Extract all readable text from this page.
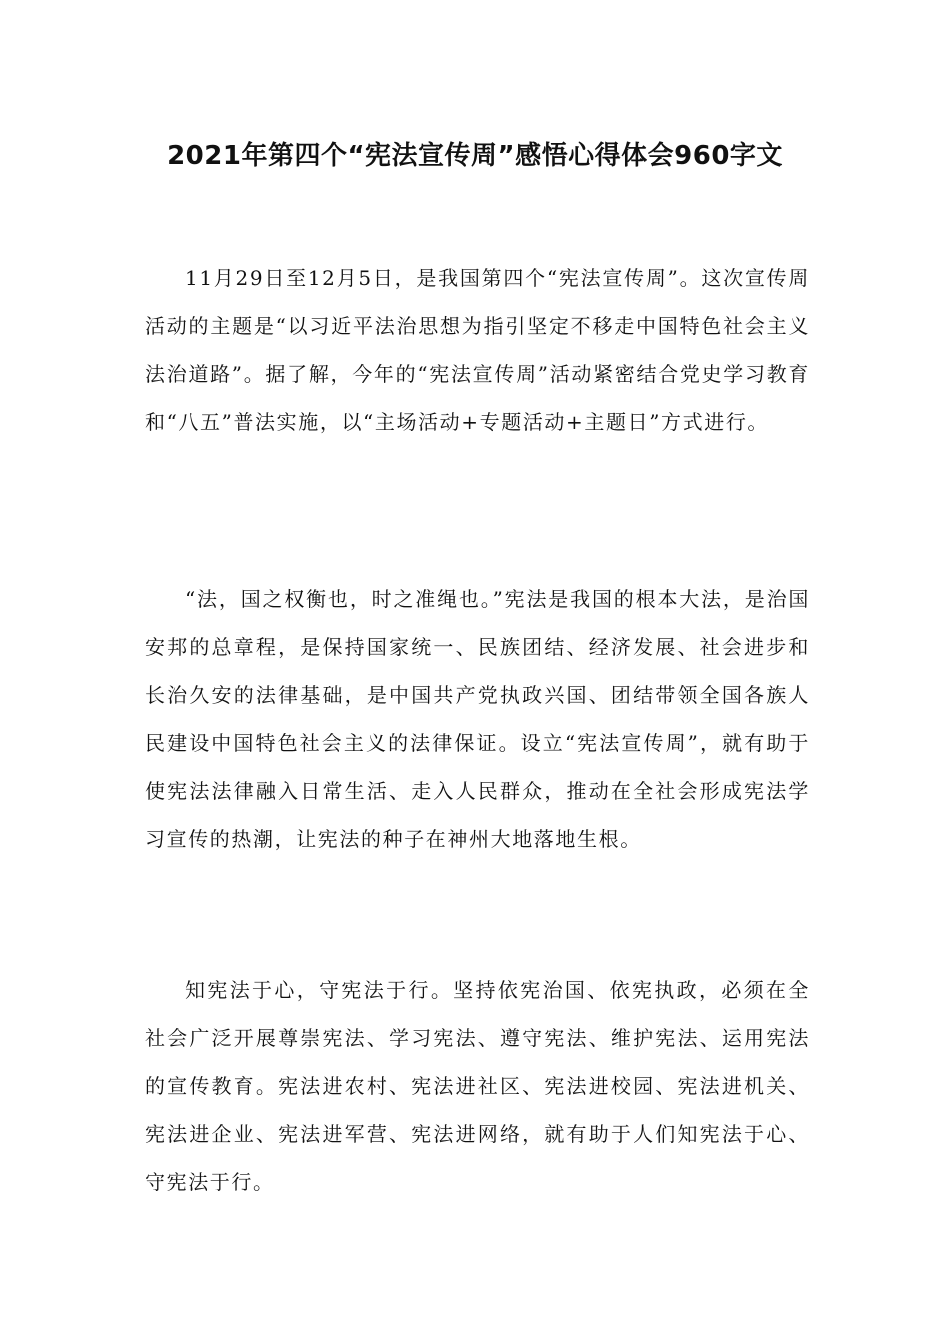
2021年第四个“宪法宣传周”感悟心得体会960字文

11月29日至12月5日，是我国第四个“宪法宣传周”。这次宣传周活动的主题是“以习近平法治思想为指引坚定不移走中国特色社会主义法治道路”。据了解，今年的“宪法宣传周”活动紧密结合党史学习教育和“八五”普法实施，以“主场活动+专题活动+主题日”方式进行。

“法，国之权衡也，时之准绳也。”宪法是我国的根本大法，是治国安邦的总章程，是保持国家统一、民族团结、经济发展、社会进步和长治久安的法律基础，是中国共产党执政兴国、团结带领全国各族人民建设中国特色社会主义的法律保证。设立“宪法宣传周”，就有助于使宪法法律融入日常生活、走入人民群众，推动在全社会形成宪法学习宣传的热潮，让宪法的种子在神州大地落地生根。

知宪法于心，守宪法于行。坚持依宪治国、依宪执政，必须在全社会广泛开展尊崇宪法、学习宪法、遵守宪法、维护宪法、运用宪法的宣传教育。宪法进农村、宪法进社区、宪法进校园、宪法进机关、宪法进企业、宪法进军营、宪法进网络，就有助于人们知宪法于心、守宪法于行。
